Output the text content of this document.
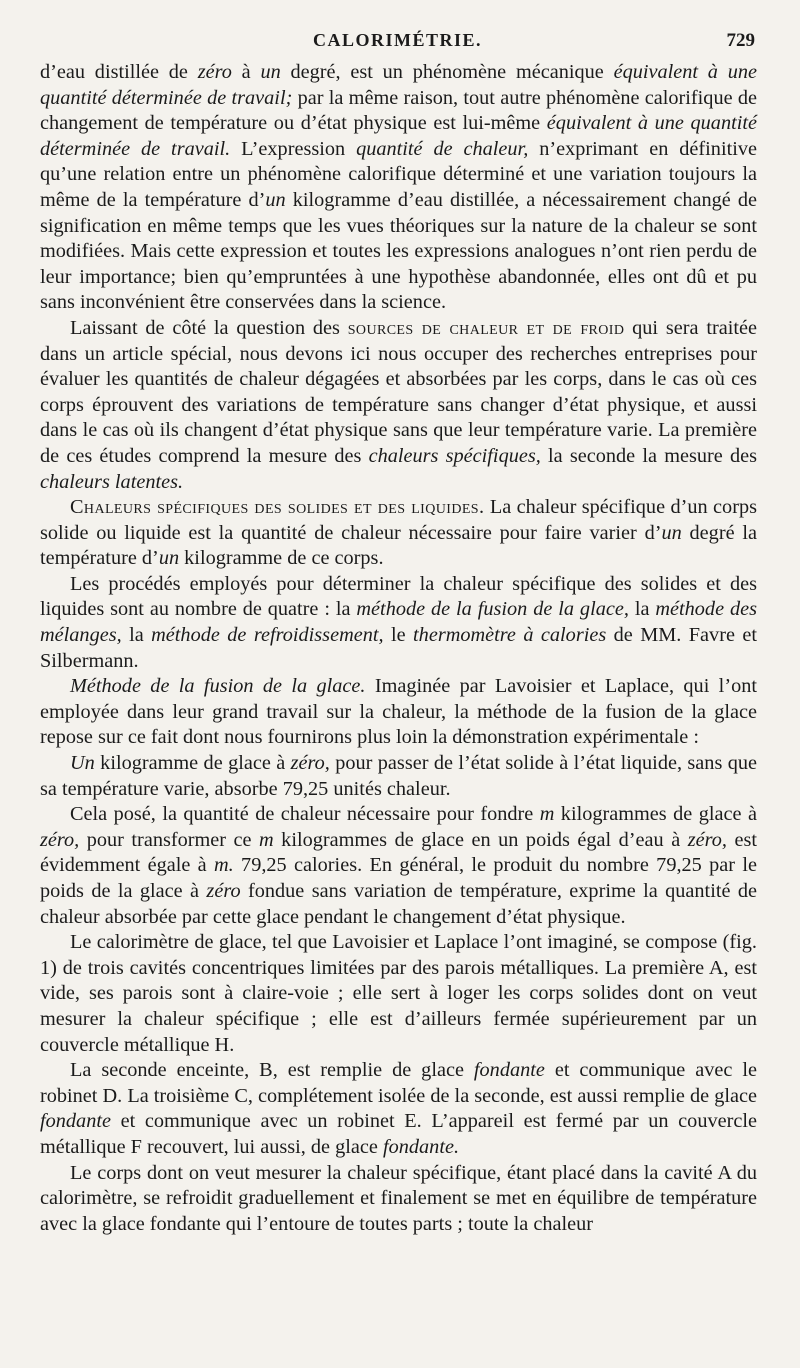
CALORIMÉTRIE.	729

d’eau distillée de zéro à un degré, est un phénomène mécanique équivalent à une quantité déterminée de travail; par la même raison, tout autre phénomène calorifique de changement de température ou d’état physique est lui-même équivalent à une quantité déterminée de travail. L’expression quantité de chaleur, n’exprimant en définitive qu’une relation entre un phénomène calorifique déterminé et une variation toujours la même de la température d’un kilogramme d’eau distillée, a nécessairement changé de signification en même temps que les vues théoriques sur la nature de la chaleur se sont modifiées. Mais cette expression et toutes les expressions analogues n’ont rien perdu de leur importance; bien qu’empruntées à une hypothèse abandonnée, elles ont dû et pu sans inconvénient être conservées dans la science.

Laissant de côté la question des sources de chaleur et de froid qui sera traitée dans un article spécial, nous devons ici nous occuper des recherches entreprises pour évaluer les quantités de chaleur dégagées et absorbées par les corps, dans le cas où ces corps éprouvent des variations de température sans changer d’état physique, et aussi dans le cas où ils changent d’état physique sans que leur température varie. La première de ces études comprend la mesure des chaleurs spécifiques, la seconde la mesure des chaleurs latentes.

Chaleurs spécifiques des solides et des liquides. La chaleur spécifique d’un corps solide ou liquide est la quantité de chaleur nécessaire pour faire varier d’un degré la température d’un kilogramme de ce corps.

Les procédés employés pour déterminer la chaleur spécifique des solides et des liquides sont au nombre de quatre : la méthode de la fusion de la glace, la méthode des mélanges, la méthode de refroidissement, le thermomètre à calories de MM. Favre et Silbermann.

Méthode de la fusion de la glace. Imaginée par Lavoisier et Laplace, qui l’ont employée dans leur grand travail sur la chaleur, la méthode de la fusion de la glace repose sur ce fait dont nous fournirons plus loin la démonstration expérimentale :

Un kilogramme de glace à zéro, pour passer de l’état solide à l’état liquide, sans que sa température varie, absorbe 79,25 unités chaleur.

Cela posé, la quantité de chaleur nécessaire pour fondre m kilogrammes de glace à zéro, pour transformer ce m kilogrammes de glace en un poids égal d’eau à zéro, est évidemment égale à m. 79,25 calories. En général, le produit du nombre 79,25 par le poids de la glace à zéro fondue sans variation de température, exprime la quantité de chaleur absorbée par cette glace pendant le changement d’état physique.

Le calorimètre de glace, tel que Lavoisier et Laplace l’ont imaginé, se compose (fig. 1) de trois cavités concentriques limitées par des parois métalliques. La première A, est vide, ses parois sont à claire-voie ; elle sert à loger les corps solides dont on veut mesurer la chaleur spécifique ; elle est d’ailleurs fermée supérieurement par un couvercle métallique H.

La seconde enceinte, B, est remplie de glace fondante et communique avec le robinet D. La troisième C, complétement isolée de la seconde, est aussi remplie de glace fondante et communique avec un robinet E. L’appareil est fermé par un couvercle métallique F recouvert, lui aussi, de glace fondante.

Le corps dont on veut mesurer la chaleur spécifique, étant placé dans la cavité A du calorimètre, se refroidit graduellement et finalement se met en équilibre de température avec la glace fondante qui l’entoure de toutes parts ; toute la chaleur
